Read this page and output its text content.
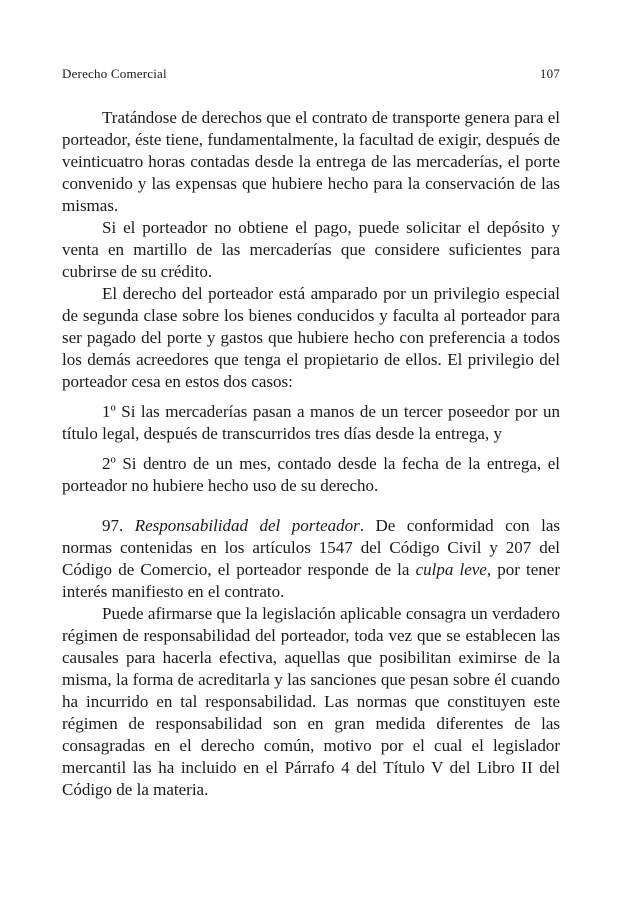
Derecho Comercial	107

Tratándose de derechos que el contrato de transporte genera para el porteador, éste tiene, fundamentalmente, la facultad de exigir, después de veinticuatro horas contadas desde la entrega de las mercaderías, el porte convenido y las expensas que hubiere hecho para la conservación de las mismas.

Si el porteador no obtiene el pago, puede solicitar el depósito y venta en martillo de las mercaderías que considere suficientes para cubrirse de su crédito.

El derecho del porteador está amparado por un privilegio especial de segunda clase sobre los bienes conducidos y faculta al porteador para ser pagado del porte y gastos que hubiere hecho con preferencia a todos los demás acreedores que tenga el propietario de ellos. El privilegio del porteador cesa en estos dos casos:

1º Si las mercaderías pasan a manos de un tercer poseedor por un título legal, después de transcurridos tres días desde la entrega, y

2º Si dentro de un mes, contado desde la fecha de la entrega, el porteador no hubiere hecho uso de su derecho.

97. Responsabilidad del porteador. De conformidad con las normas contenidas en los artículos 1547 del Código Civil y 207 del Código de Comercio, el porteador responde de la culpa leve, por tener interés manifiesto en el contrato.

Puede afirmarse que la legislación aplicable consagra un verdadero régimen de responsabilidad del porteador, toda vez que se establecen las causales para hacerla efectiva, aquellas que posibilitan eximirse de la misma, la forma de acreditarla y las sanciones que pesan sobre él cuando ha incurrido en tal responsabilidad. Las normas que constituyen este régimen de responsabilidad son en gran medida diferentes de las consagradas en el derecho común, motivo por el cual el legislador mercantil las ha incluido en el Párrafo 4 del Título V del Libro II del Código de la materia.
